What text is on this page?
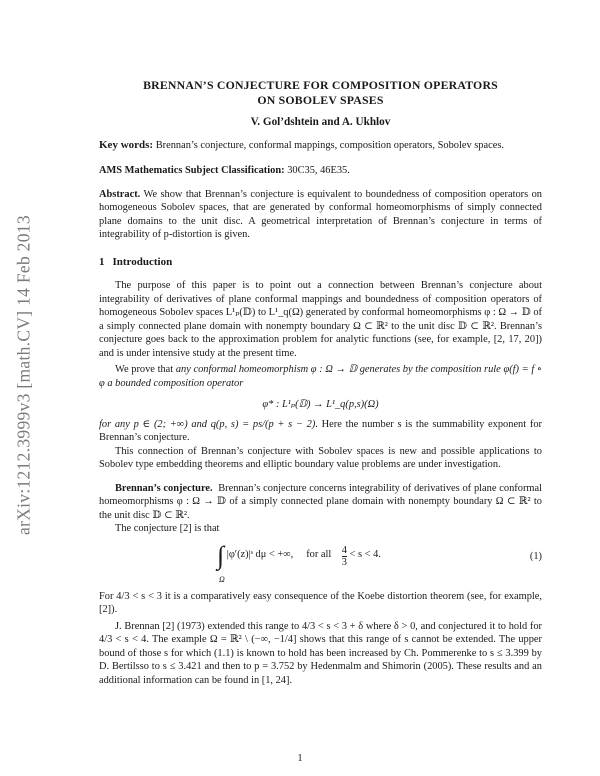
arXiv:1212.3999v3 [math.CV] 14 Feb 2013
BRENNAN’S CONJECTURE FOR COMPOSITION OPERATORS
ON SOBOLEV SPASES
V. Gol’dshtein and A. Ukhlov

Key words: Brennan’s conjecture, conformal mappings, composition operators, Sobolev spaces.

AMS Mathematics Subject Classification: 30C35, 46E35.

Abstract. We show that Brennan’s conjecture is equivalent to boundedness of composition operators on homogeneous Sobolev spaces, that are generated by conformal homeomorphisms of simply connected plane domains to the unit disc. A geometrical interpretation of Brennan’s conjecture in terms of integrability of p-distortion is given.

1 Introduction

The purpose of this paper is to point out a connection between Brennan’s conjecture about integrability of derivatives of plane conformal mappings and boundedness of composition operators of homogeneous Sobolev spaces L¹ₚ(𝔻) to L¹_q(Ω) generated by conformal homeomorphisms φ : Ω → 𝔻 of a simply connected plane domain with nonempty boundary Ω ⊂ ℝ² to the unit disc 𝔻 ⊂ ℝ². Brennan’s conjecture goes back to the approximation problem for analytic functions (see, for example, [2, 17, 20]) and is under intensive study at the present time.

We prove that any conformal homeomorphism φ : Ω → 𝔻 generates by the composition rule φ(f) = f ∘ φ a bounded composition operator

φ* : L¹ₚ(𝔻) → L¹_q(p,s)(Ω)

for any p ∈ (2; +∞) and q(p, s) = ps/(p + s − 2). Here the number s is the summability exponent for Brennan’s conjecture.

This connection of Brennan’s conjecture with Sobolev spaces is new and possible applications to Sobolev type embedding theorems and elliptic boundary value problems are under investigation.

Brennan’s conjecture. Brennan’s conjecture concerns integrability of derivatives of plane conformal homeomorphisms φ : Ω → 𝔻 of a simply connected plane domain with nonempty boundary Ω ⊂ ℝ² to the unit disc 𝔻 ⊂ ℝ².

The conjecture [2] is that

∫ |φ′(z)|ˢ dμ < +∞, for all $\frac{4}{3} < s < 4$.
Ω
(1)

For 4/3 < s < 3 it is a comparatively easy consequence of the Koebe distortion theorem (see, for example, [2]).

J. Brennan [2] (1973) extended this range to 4/3 < s < 3 + δ where δ > 0, and conjectured it to hold for 4/3 < s < 4. The example Ω = ℝ² \ (−∞, −1/4] shows that this range of s cannot be extended. The upper bound of those s for which (1.1) is known to hold has been increased by Ch. Pommerenke to s ≤ 3.399 by D. Bertilsso to s ≤ 3.421 and then to p = 3.752 by Hedenmalm and Shimorin (2005). These results and an additional information can be found in [1, 24].

1
